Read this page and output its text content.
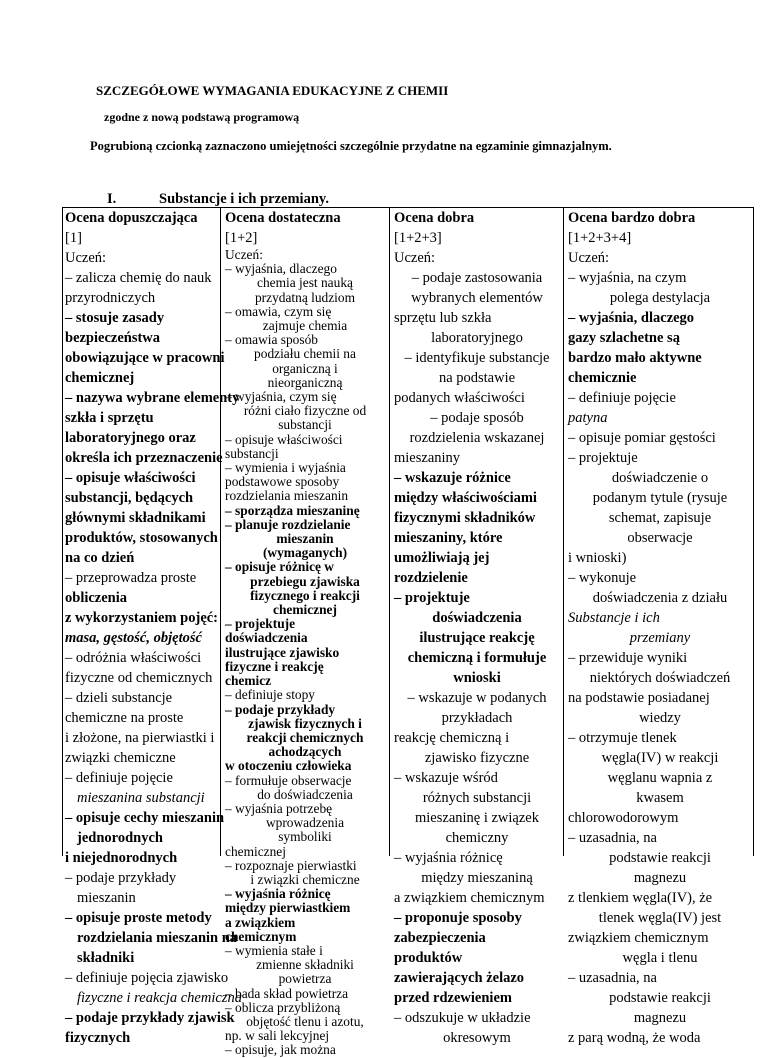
SZCZEGÓŁOWE WYMAGANIA EDUKACYJNE Z CHEMII
zgodne z nową podstawą programową
Pogrubioną czcionką zaznaczono umiejętności szczególnie przydatne na egzaminie gimnazjalnym.
I.	Substancje i ich przemiany.
Ocena dopuszczająca
[1]
Uczeń:
– zalicza chemię do nauk
przyrodniczych
– stosuje zasady
bezpieczeństwa
obowiązujące w pracowni
chemicznej
– nazywa wybrane elementy
szkła i sprzętu
laboratoryjnego oraz
określa ich przeznaczenie
– opisuje właściwości
substancji, będących
głównymi składnikami
produktów, stosowanych
na co dzień
– przeprowadza proste
obliczenia
z wykorzystaniem pojęć:
masa, gęstość, objętość
– odróżnia właściwości
fizyczne od chemicznych
– dzieli substancje
chemiczne na proste
i złożone, na pierwiastki i
związki chemiczne
– definiuje pojęcie
mieszanina substancji
– opisuje cechy mieszanin
jednorodnych
i niejednorodnych
– podaje przykłady
mieszanin
– opisuje proste metody
rozdzielania mieszanin na
składniki
– definiuje pojęcia zjawisko
fizyczne i reakcja chemiczna
– podaje przykłady zjawisk
fizycznych
Ocena dostateczna
[1+2]
Uczeń:
– wyjaśnia, dlaczego
chemia jest nauką
przydatną ludziom
– omawia, czym się
zajmuje chemia
– omawia sposób
podziału chemii na
organiczną i
nieorganiczną
– wyjaśnia, czym się
różni ciało fizyczne od
substancji
– opisuje właściwości
substancji
– wymienia i wyjaśnia
podstawowe sposoby
rozdzielania mieszanin
– sporządza mieszaninę
– planuje rozdzielanie
mieszanin
(wymaganych)
– opisuje różnicę w
przebiegu zjawiska
fizycznego i reakcji
chemicznej
– projektuje
doświadczenia
ilustrujące zjawisko
fizyczne i reakcję
chemicz
– definiuje stopy
– podaje przykłady
zjawisk fizycznych i
reakcji chemicznych
achodzących
w otoczeniu człowieka
– formułuje obserwacje
do doświadczenia
– wyjaśnia potrzebę
wprowadzenia
symboliki
chemicznej
– rozpoznaje pierwiastki
i związki chemiczne
– wyjaśnia różnicę
między pierwiastkiem
a związkiem
chemicznym
– wymienia stałe i
zmienne składniki
powietrza
– bada skład powietrza
– oblicza przybliżoną
objętość tlenu i azotu,
np. w sali lekcyjnej
– opisuje, jak można
Ocena dobra
[1+2+3]
Uczeń:
– podaje zastosowania
wybranych elementów
sprzętu lub szkła
laboratoryjnego
– identyfikuje substancje
na podstawie
podanych właściwości
– podaje sposób
rozdzielenia wskazanej
mieszaniny
– wskazuje różnice
między właściwościami
fizycznymi składników
mieszaniny, które
umożliwiają jej
rozdzielenie
– projektuje
doświadczenia
ilustrujące reakcję
chemiczną i formułuje
wnioski
– wskazuje w podanych
przykładach
reakcję chemiczną i
zjawisko fizyczne
– wskazuje wśród
różnych substancji
mieszaninę i związek
chemiczny
– wyjaśnia różnicę
między mieszaniną
a związkiem chemicznym
– proponuje sposoby
zabezpieczenia
produktów
zawierających żelazo
przed rdzewieniem
– odszukuje w układzie
okresowym
Ocena bardzo dobra
[1+2+3+4]
Uczeń:
– wyjaśnia, na czym
polega destylacja
– wyjaśnia, dlaczego
gazy szlachetne są
bardzo mało aktywne
chemicznie
– definiuje pojęcie
patyna
– opisuje pomiar gęstości
– projektuje
doświadczenie o
podanym tytule (rysuje
schemat, zapisuje
obserwacje
i wnioski)
– wykonuje
doświadczenia z działu
Substancje i ich
przemiany
– przewiduje wyniki
niektórych doświadczeń
na podstawie posiadanej
wiedzy
– otrzymuje tlenek
węgla(IV) w reakcji
węglanu wapnia z
kwasem
chlorowodorowym
– uzasadnia, na
podstawie reakcji
magnezu
z tlenkiem węgla(IV), że
tlenek węgla(IV) jest
związkiem chemicznym
węgla i tlenu
– uzasadnia, na
podstawie reakcji
magnezu
z parą wodną, że woda
